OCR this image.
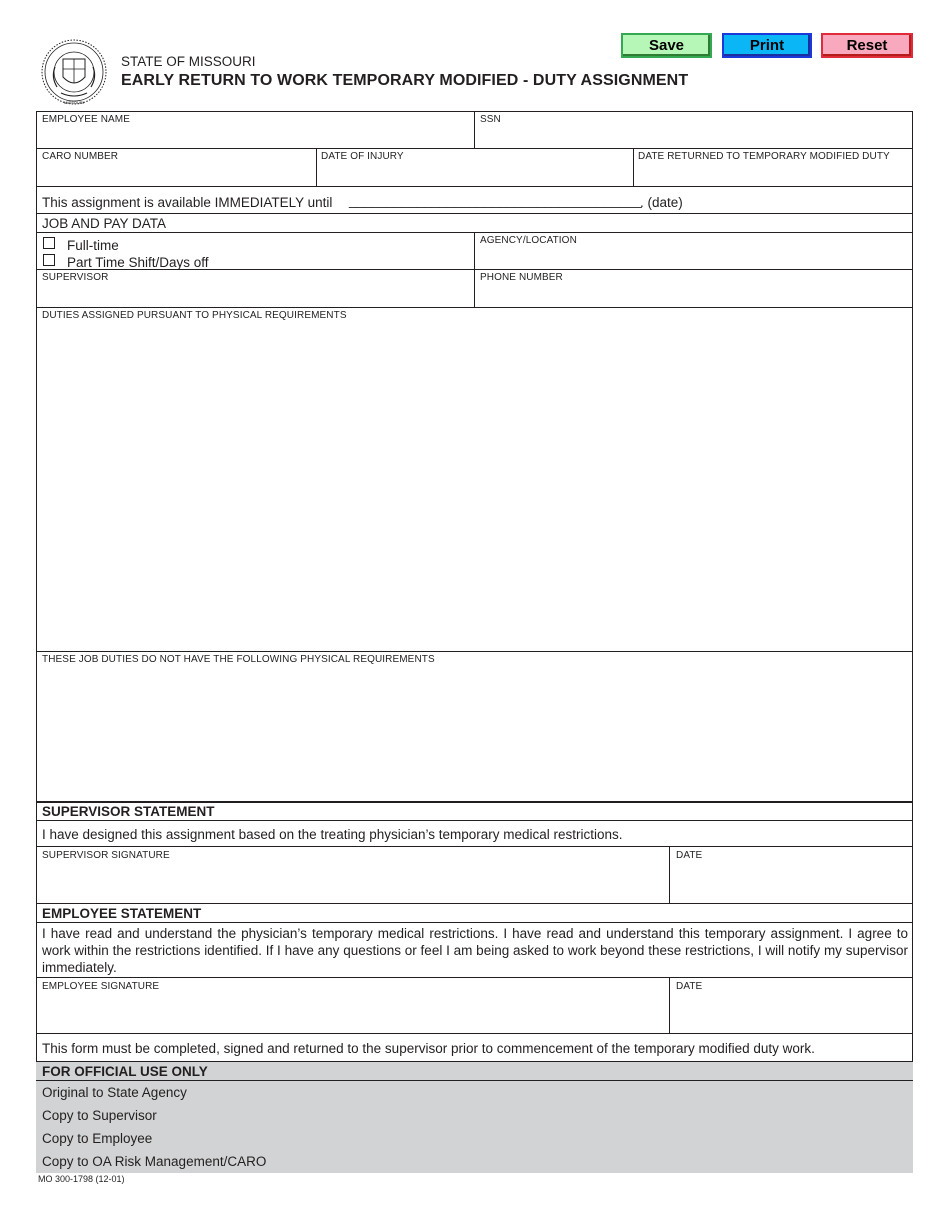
MISSOURI
STATE OF MISSOURI
EARLY RETURN TO WORK TEMPORARY MODIFIED - DUTY ASSIGNMENT
Save	Print	Reset
EMPLOYEE NAME	SSN
CARO NUMBER	DATE OF INJURY	DATE RETURNED TO TEMPORARY MODIFIED DUTY
This assignment is available IMMEDIATELY until _______________________________________
. (date)
JOB AND PAY DATA
Full-time
Part Time Shift/Days off
AGENCY/LOCATION
SUPERVISOR	PHONE NUMBER
DUTIES ASSIGNED PURSUANT TO PHYSICAL REQUIREMENTS
THESE JOB DUTIES DO NOT HAVE THE FOLLOWING PHYSICAL REQUIREMENTS
SUPERVISOR STATEMENT
I have designed this assignment based on the treating physician’s temporary medical restrictions.
SUPERVISOR SIGNATURE	DATE
EMPLOYEE STATEMENT
I have read and understand the physician’s temporary medical restrictions. I have read and understand this temporary assignment. I agree to work within the restrictions identified. If I have any questions or feel I am being asked to work beyond these restrictions, I will notify my supervisor immediately.
EMPLOYEE SIGNATURE	DATE
This form must be completed, signed and returned to the supervisor prior to commencement of the temporary modified duty work.
FOR OFFICIAL USE ONLY
Original to State Agency
Copy to Supervisor
Copy to Employee
Copy to OA Risk Management/CARO
MO 300-1798 (12-01)
